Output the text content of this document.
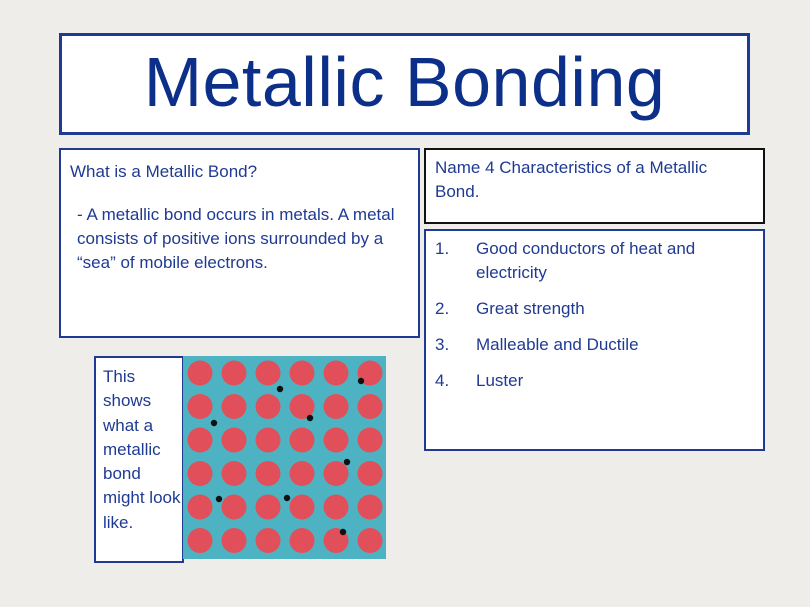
Metallic Bonding
What is a Metallic Bond?
- A metallic bond occurs in metals. A metal consists of positive ions surrounded by a “sea” of mobile electrons.
Name 4 Characteristics of a Metallic Bond.
1.	Good conductors of heat and electricity
2.	Great strength
3.	Malleable and Ductile
4.	Luster
This shows what a metallic bond might look like.
